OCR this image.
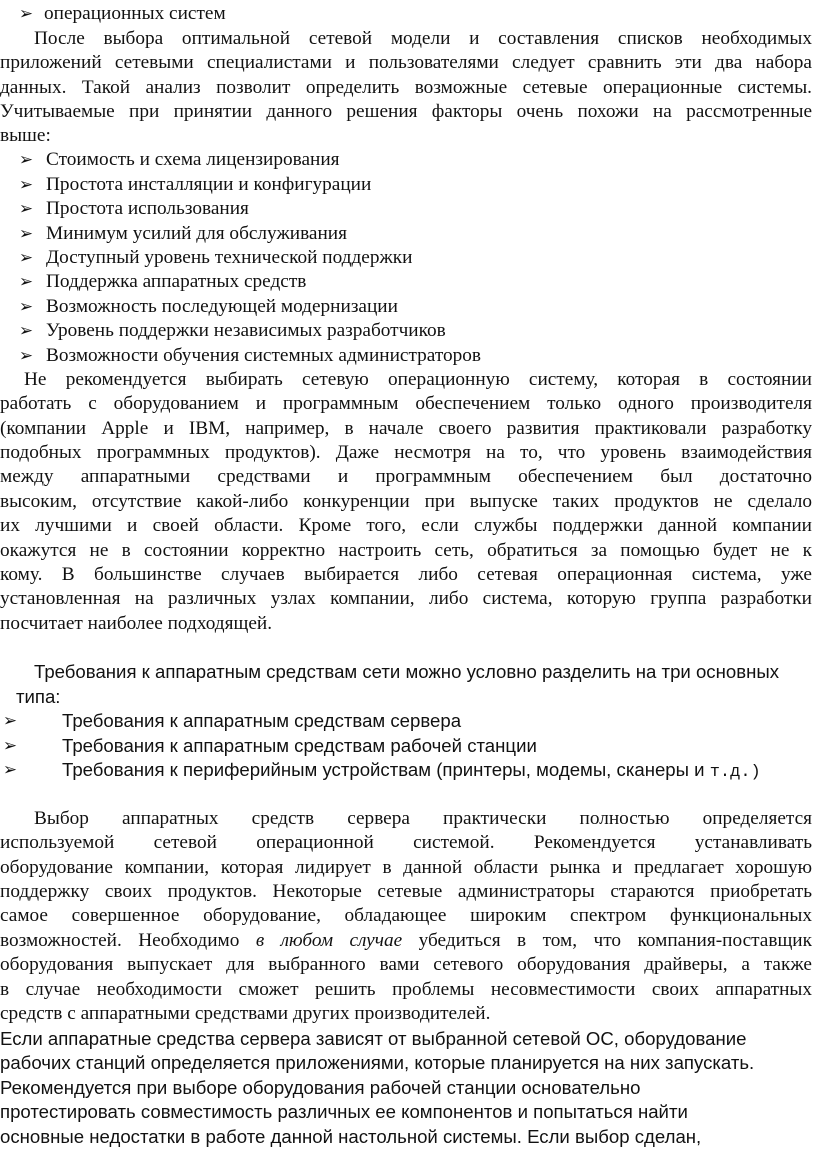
➢ операционных систем
После выбора оптимальной сетевой модели и составления списков необходимых
приложений сетевыми специалистами и пользователями следует сравнить эти два набора
данных. Такой анализ позволит определить возможные сетевые операционные системы.
Учитываемые при принятии данного решения факторы очень похожи на рассмотренные
выше:
➢ Стоимость и схема лицензирования
➢ Простота инсталляции и конфигурации
➢ Простота использования
➢ Минимум усилий для обслуживания
➢ Доступный уровень технической поддержки
➢ Поддержка аппаратных средств
➢ Возможность последующей модернизации
➢ Уровень поддержки независимых разработчиков
➢ Возможности обучения системных администраторов
Не рекомендуется выбирать сетевую операционную систему, которая в состоянии
работать с оборудованием и программным обеспечением только одного производителя
(компании Apple и IBM, например, в начале своего развития практиковали разработку
подобных программных продуктов). Даже несмотря на то, что уровень взаимодействия
между аппаратными средствами и программным обеспечением был достаточно
высоким, отсутствие какой-либо конкуренции при выпуске таких продуктов не сделало
их лучшими и своей области. Кроме того, если службы поддержки данной компании
окажутся не в состоянии корректно настроить сеть, обратиться за помощью будет не к
кому. В большинстве случаев выбирается либо сетевая операционная система, уже
установленная на различных узлах компании, либо система, которую группа разработки
посчитает наиболее подходящей.
Требования к аппаратным средствам сети можно условно разделить на три основных
типа:
➢ Требования к аппаратным средствам сервера
➢ Требования к аппаратным средствам рабочей станции
➢ Требования к периферийным устройствам (принтеры, модемы, сканеры и т.д.)
Выбор аппаратных средств сервера практически полностью определяется
используемой сетевой операционной системой. Рекомендуется устанавливать
оборудование компании, которая лидирует в данной области рынка и предлагает хорошую
поддержку своих продуктов. Некоторые сетевые администраторы стараются приобретать
самое совершенное оборудование, обладающее широким спектром функциональных
возможностей. Необходимо в любом случае убедиться в том, что компания-поставщик
оборудования выпускает для выбранного вами сетевого оборудования драйверы, а также
в случае необходимости сможет решить проблемы несовместимости своих аппаратных
средств с аппаратными средствами других производителей.
Если аппаратные средства сервера зависят от выбранной сетевой ОС, оборудование
рабочих станций определяется приложениями, которые планируется на них запускать.
Рекомендуется при выборе оборудования рабочей станции основательно
протестировать совместимость различных ее компонентов и попытаться найти
основные недостатки в работе данной настольной системы. Если выбор сделан,
